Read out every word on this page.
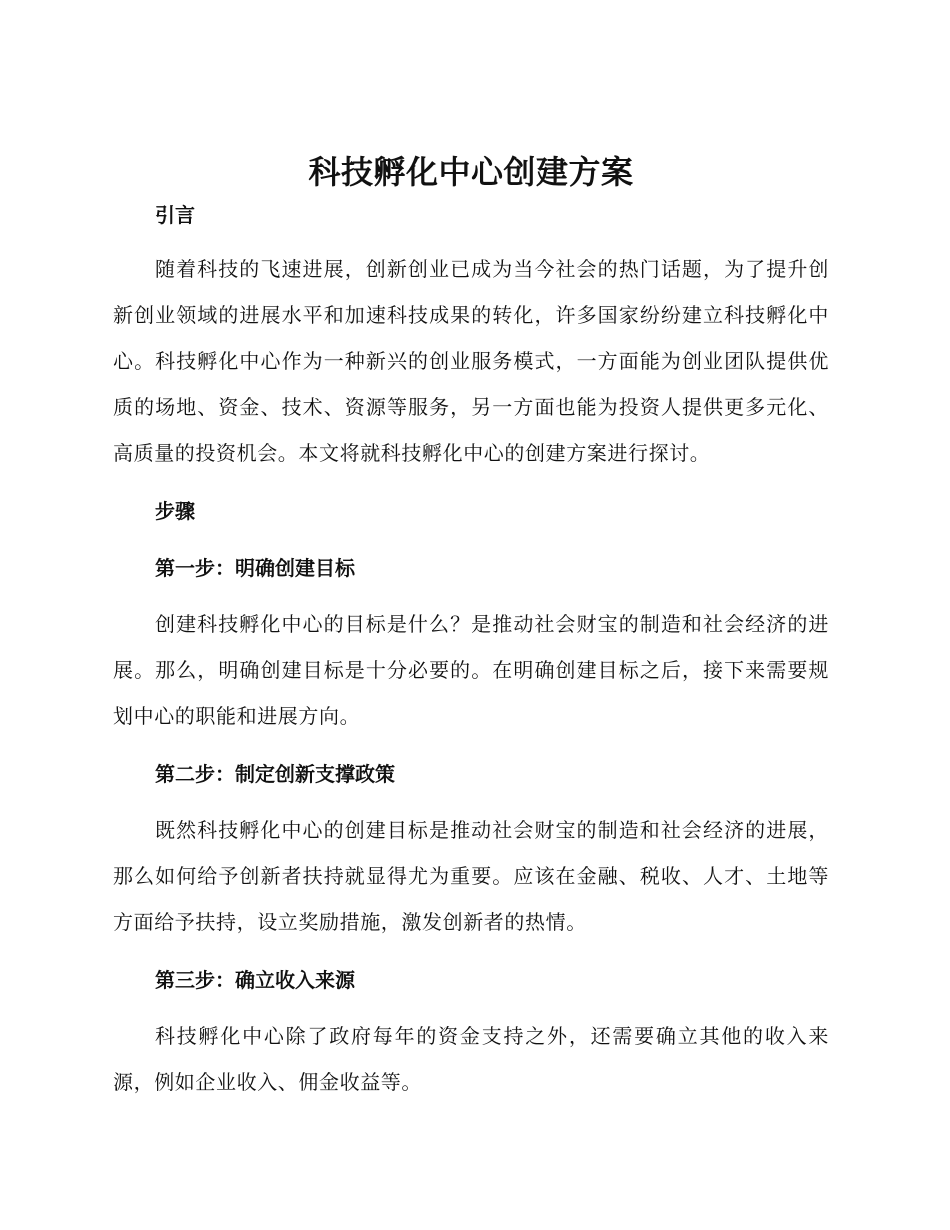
科技孵化中心创建方案

引言

随着科技的飞速进展，创新创业已成为当今社会的热门话题，为了提升创新创业领域的进展水平和加速科技成果的转化，许多国家纷纷建立科技孵化中心。科技孵化中心作为一种新兴的创业服务模式，一方面能为创业团队提供优质的场地、资金、技术、资源等服务，另一方面也能为投资人提供更多元化、高质量的投资机会。本文将就科技孵化中心的创建方案进行探讨。

步骤

第一步：明确创建目标

创建科技孵化中心的目标是什么？是推动社会财宝的制造和社会经济的进展。那么，明确创建目标是十分必要的。在明确创建目标之后，接下来需要规划中心的职能和进展方向。

第二步：制定创新支撑政策

既然科技孵化中心的创建目标是推动社会财宝的制造和社会经济的进展，那么如何给予创新者扶持就显得尤为重要。应该在金融、税收、人才、土地等方面给予扶持，设立奖励措施，激发创新者的热情。

第三步：确立收入来源

科技孵化中心除了政府每年的资金支持之外，还需要确立其他的收入来源，例如企业收入、佣金收益等。
